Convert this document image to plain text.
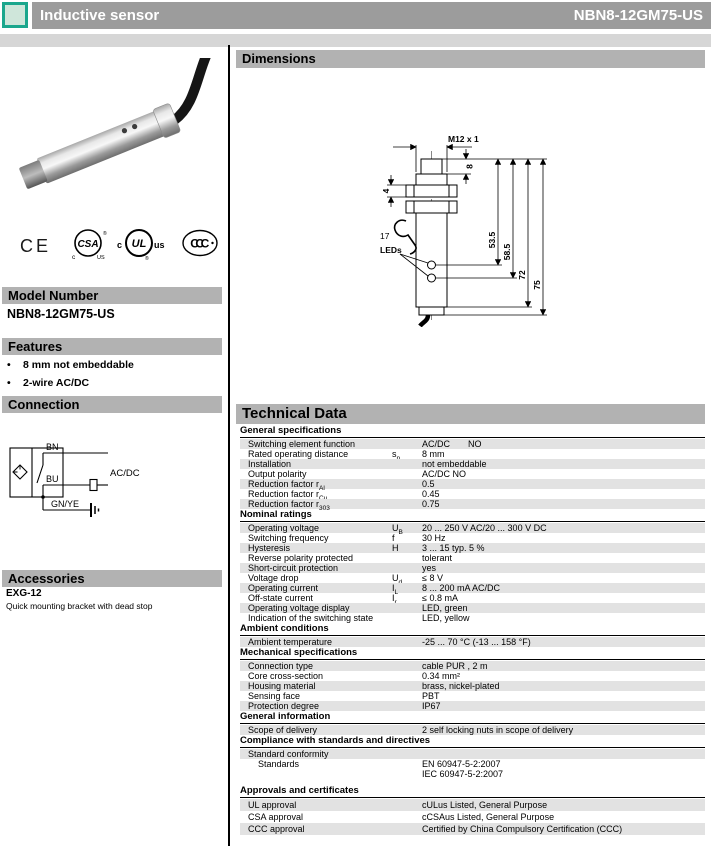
Inductive sensor	NBN8-12GM75-US
CE	CSA
®
c	US
c UL us
®
CCC
Model Number
NBN8-12GM75-US
Features
• 8 mm not embeddable
• 2-wire AC/DC
Connection
BN
BU
GN/YE
AC/DC
Accessories
EXG-12
Quick mounting bracket with dead stop
Dimensions
M12 x 1
8
4
17
LEDs
53.5
58.5
72
75
Technical Data
General specifications
Switching element function	AC/DC NO
Rated operating distance	s	8 mm
Installation	not embeddable
Output polarity	AC/DC NO
Reduction factor $r_{Al}$	0.5
Reduction factor r	0.45
Reduction factor $r_{303}$	0.75
Nominal ratings
Operating voltage	$U_B$ 20 ... 250 V AC/20 ... 300 V DC
Switching frequency	f	30 Hz
Hysteresis	H	3 ... 15 typ. 5 %
Reverse polarity protected	tolerant
Short-circuit protection	yes
Voltage drop	U	≤ 8 V
Operating current	$I_L$	8 ... 200 mA AC/DC
Off-state current	I	≤ 0.8 mA
Operating voltage display	LED, green
Indication of the switching state	LED, yellow
Ambient conditions
Ambient temperature	-25 ... 70 °C (-13 ... 158 °F)
Mechanical specifications
Connection type	cable PUR , 2 m
Core cross-section	0.34 mm²
Housing material	brass, nickel-plated
Sensing face	PBT
Protection degree	IP67
General information
Scope of delivery	2 self locking nuts in scope of delivery
Compliance with standards and directives
Standard conformity
Standards	EN 60947-5-2:2007
IEC 60947-5-2:2007
Approvals and certificates
UL approval	cULus Listed, General Purpose
CSA approval	cCSAus Listed, General Purpose
CCC approval	Certified by China Compulsory Certification (CCC)
